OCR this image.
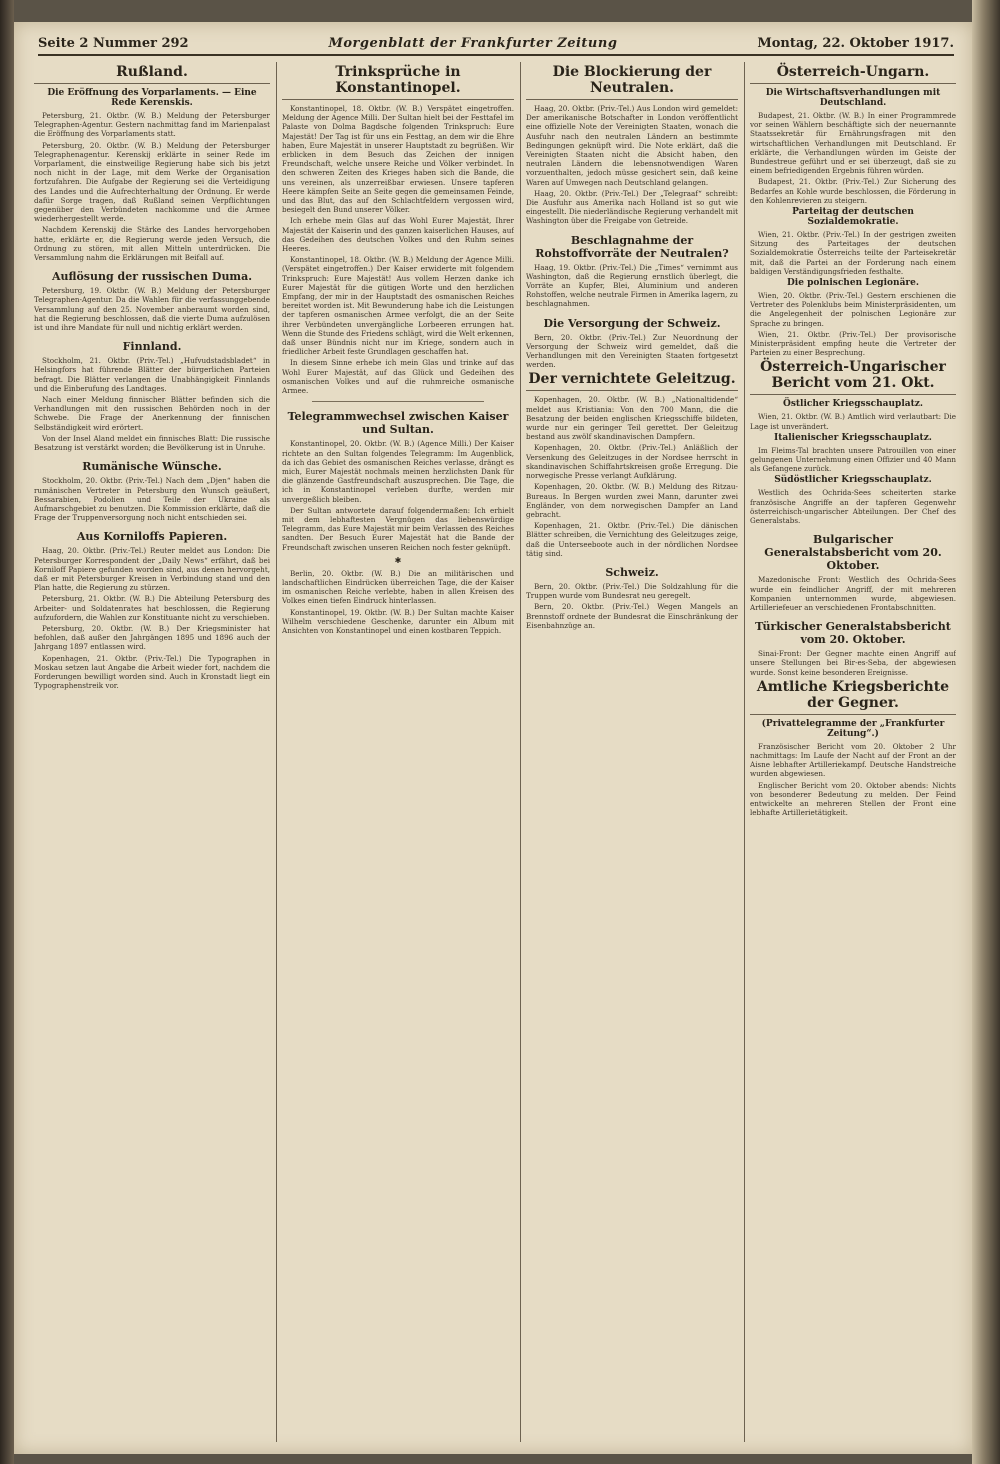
Seite 2 Nummer 292	Morgenblatt der Frankfurter Zeitung	Montag, 22. Oktober 1917.
Rußland.
Die Eröffnung des Vorparlaments. — Eine Rede Kerenskis.

Petersburg, 21. Oktbr. (W. B.) Meldung der Petersburger Telegraphen-Agentur. Gestern nachmittag fand im Marienpalast die Eröffnung des Vorparlaments statt.

Petersburg, 20. Oktbr. (W. B.) Meldung der Petersburger Telegraphenagentur. Kerenskij erklärte in seiner Rede im Vorparlament, die einstweilige Regierung habe sich bis jetzt noch nicht in der Lage, mit dem Werke der Organisation fortzufahren. Die Aufgabe der Regierung sei die Verteidigung des Landes und die Aufrechterhaltung der Ordnung. Er werde dafür Sorge tragen, daß Rußland seinen Verpflichtungen gegenüber den Verbündeten nachkomme und die Armee wiederhergestellt werde.

Nachdem Kerenskij die Stärke des Landes hervorgehoben hatte, erklärte er, die Regierung werde jeden Versuch, die Ordnung zu stören, mit allen Mitteln unterdrücken. Die Versammlung nahm die Erklärungen mit Beifall auf.

Auflösung der russischen Duma.

Petersburg, 19. Oktbr. (W. B.) Meldung der Petersburger Telegraphen-Agentur. Da die Wahlen für die verfassunggebende Versammlung auf den 25. November anberaumt worden sind, hat die Regierung beschlossen, daß die vierte Duma aufzulösen ist und ihre Mandate für null und nichtig erklärt werden.

Finnland.

Stockholm, 21. Oktbr. (Priv.-Tel.) „Hufvudstadsbladet“ in Helsingfors hat führende Blätter der bürgerlichen Parteien befragt. Die Blätter verlangen die Unabhängigkeit Finnlands und die Einberufung des Landtages.

Nach einer Meldung finnischer Blätter befinden sich die Verhandlungen mit den russischen Behörden noch in der Schwebe. Die Frage der Anerkennung der finnischen Selbständigkeit wird erörtert.

Von der Insel Aland meldet ein finnisches Blatt: Die russische Besatzung ist verstärkt worden; die Bevölkerung ist in Unruhe.

Rumänische Wünsche.

Stockholm, 20. Oktbr. (Priv.-Tel.) Nach dem „Djen“ haben die rumänischen Vertreter in Petersburg den Wunsch geäußert, Bessarabien, Podolien und Teile der Ukraine als Aufmarschgebiet zu benutzen. Die Kommission erklärte, daß die Frage der Truppenversorgung noch nicht entschieden sei.

Aus Korniloffs Papieren.

Haag, 20. Oktbr. (Priv.-Tel.) Reuter meldet aus London: Die Petersburger Korrespondent der „Daily News“ erfährt, daß bei Korniloff Papiere gefunden worden sind, aus denen hervorgeht, daß er mit Petersburger Kreisen in Verbindung stand und den Plan hatte, die Regierung zu stürzen.

Petersburg, 21. Oktbr. (W. B.) Die Abteilung Petersburg des Arbeiter- und Soldatenrates hat beschlossen, die Regierung aufzufordern, die Wahlen zur Konstituante nicht zu verschieben.

Petersburg, 20. Oktbr. (W. B.) Der Kriegsminister hat befohlen, daß außer den Jahrgängen 1895 und 1896 auch der Jahrgang 1897 entlassen wird.

Kopenhagen, 21. Oktbr. (Priv.-Tel.) Die Typographen in Moskau setzen laut Angabe die Arbeit wieder fort, nachdem die Forderungen bewilligt worden sind. Auch in Kronstadt liegt ein Typographenstreik vor.

Trinksprüche in Konstantinopel.

Konstantinopel, 18. Oktbr. (W. B.) Verspätet eingetroffen. Meldung der Agence Milli. Der Sultan hielt bei der Festtafel im Palaste von Dolma Bagdsche folgenden Trinkspruch: Eure Majestät! Der Tag ist für uns ein Festtag, an dem wir die Ehre haben, Eure Majestät in unserer Hauptstadt zu begrüßen. Wir erblicken in dem Besuch das Zeichen der innigen Freundschaft, welche unsere Reiche und Völker verbindet. In den schweren Zeiten des Krieges haben sich die Bande, die uns vereinen, als unzerreißbar erwiesen. Unsere tapferen Heere kämpfen Seite an Seite gegen die gemeinsamen Feinde, und das Blut, das auf den Schlachtfeldern vergossen wird, besiegelt den Bund unserer Völker.

Ich erhebe mein Glas auf das Wohl Eurer Majestät, Ihrer Majestät der Kaiserin und des ganzen kaiserlichen Hauses, auf das Gedeihen des deutschen Volkes und den Ruhm seines Heeres.

Konstantinopel, 18. Oktbr. (W. B.) Meldung der Agence Milli. (Verspätet eingetroffen.) Der Kaiser erwiderte mit folgendem Trinkspruch: Eure Majestät! Aus vollem Herzen danke ich Eurer Majestät für die gütigen Worte und den herzlichen Empfang, der mir in der Hauptstadt des osmanischen Reiches bereitet worden ist. Mit Bewunderung habe ich die Leistungen der tapferen osmanischen Armee verfolgt, die an der Seite ihrer Verbündeten unvergängliche Lorbeeren errungen hat. Wenn die Stunde des Friedens schlägt, wird die Welt erkennen, daß unser Bündnis nicht nur im Kriege, sondern auch in friedlicher Arbeit feste Grundlagen geschaffen hat.

In diesem Sinne erhebe ich mein Glas und trinke auf das Wohl Eurer Majestät, auf das Glück und Gedeihen des osmanischen Volkes und auf die ruhmreiche osmanische Armee.

Telegrammwechsel zwischen Kaiser und Sultan.

Konstantinopel, 20. Oktbr. (W. B.) (Agence Milli.) Der Kaiser richtete an den Sultan folgendes Telegramm: Im Augenblick, da ich das Gebiet des osmanischen Reiches verlasse, drängt es mich, Eurer Majestät nochmals meinen herzlichsten Dank für die glänzende Gastfreundschaft auszusprechen. Die Tage, die ich in Konstantinopel verleben durfte, werden mir unvergeßlich bleiben.

Der Sultan antwortete darauf folgendermaßen: Ich erhielt mit dem lebhaftesten Vergnügen das liebenswürdige Telegramm, das Eure Majestät mir beim Verlassen des Reiches sandten. Der Besuch Eurer Majestät hat die Bande der Freundschaft zwischen unseren Reichen noch fester geknüpft.

✱

Berlin, 20. Oktbr. (W. B.) Die an militärischen und landschaftlichen Eindrücken überreichen Tage, die der Kaiser im osmanischen Reiche verlebte, haben in allen Kreisen des Volkes einen tiefen Eindruck hinterlassen.

Konstantinopel, 19. Oktbr. (W. B.) Der Sultan machte Kaiser Wilhelm verschiedene Geschenke, darunter ein Album mit Ansichten von Konstantinopel und einen kostbaren Teppich.

Die Blockierung der Neutralen.

Haag, 20. Oktbr. (Priv.-Tel.) Aus London wird gemeldet: Der amerikanische Botschafter in London veröffentlicht eine offizielle Note der Vereinigten Staaten, wonach die Ausfuhr nach den neutralen Ländern an bestimmte Bedingungen geknüpft wird. Die Note erklärt, daß die Vereinigten Staaten nicht die Absicht haben, den neutralen Ländern die lebensnotwendigen Waren vorzuenthalten, jedoch müsse gesichert sein, daß keine Waren auf Umwegen nach Deutschland gelangen.

Haag, 20. Oktbr. (Priv.-Tel.) Der „Telegraaf“ schreibt: Die Ausfuhr aus Amerika nach Holland ist so gut wie eingestellt. Die niederländische Regierung verhandelt mit Washington über die Freigabe von Getreide.

Beschlagnahme der Rohstoffvorräte der Neutralen?

Haag, 19. Oktbr. (Priv.-Tel.) Die „Times“ vernimmt aus Washington, daß die Regierung ernstlich überlegt, die Vorräte an Kupfer, Blei, Aluminium und anderen Rohstoffen, welche neutrale Firmen in Amerika lagern, zu beschlagnahmen.

Die Versorgung der Schweiz.

Bern, 20. Oktbr. (Priv.-Tel.) Zur Neuordnung der Versorgung der Schweiz wird gemeldet, daß die Verhandlungen mit den Vereinigten Staaten fortgesetzt werden.

Der vernichtete Geleitzug.

Kopenhagen, 20. Oktbr. (W. B.) „Nationaltidende“ meldet aus Kristiania: Von den 700 Mann, die die Besatzung der beiden englischen Kriegsschiffe bildeten, wurde nur ein geringer Teil gerettet. Der Geleitzug bestand aus zwölf skandinavischen Dampfern.

Kopenhagen, 20. Oktbr. (Priv.-Tel.) Anläßlich der Versenkung des Geleitzuges in der Nordsee herrscht in skandinavischen Schiffahrtskreisen große Erregung. Die norwegische Presse verlangt Aufklärung.

Kopenhagen, 20. Oktbr. (W. B.) Meldung des Ritzau-Bureaus. In Bergen wurden zwei Mann, darunter zwei Engländer, von dem norwegischen Dampfer an Land gebracht.

Kopenhagen, 21. Oktbr. (Priv.-Tel.) Die dänischen Blätter schreiben, die Vernichtung des Geleitzuges zeige, daß die Unterseeboote auch in der nördlichen Nordsee tätig sind.

Schweiz.

Bern, 20. Oktbr. (Priv.-Tel.) Die Soldzahlung für die Truppen wurde vom Bundesrat neu geregelt.

Bern, 20. Oktbr. (Priv.-Tel.) Wegen Mangels an Brennstoff ordnete der Bundesrat die Einschränkung der Eisenbahnzüge an.

Österreich-Ungarn.
Die Wirtschaftsverhandlungen mit Deutschland.

Budapest, 21. Oktbr. (W. B.) In einer Programmrede vor seinen Wählern beschäftigte sich der neuernannte Staatssekretär für Ernährungsfragen mit den wirtschaftlichen Verhandlungen mit Deutschland. Er erklärte, die Verhandlungen würden im Geiste der Bundestreue geführt und er sei überzeugt, daß sie zu einem befriedigenden Ergebnis führen würden.

Budapest, 21. Oktbr. (Priv.-Tel.) Zur Sicherung des Bedarfes an Kohle wurde beschlossen, die Förderung in den Kohlenrevieren zu steigern.

Parteitag der deutschen Sozialdemokratie.

Wien, 21. Oktbr. (Priv.-Tel.) In der gestrigen zweiten Sitzung des Parteitages der deutschen Sozialdemokratie Österreichs teilte der Parteisekretär mit, daß die Partei an der Forderung nach einem baldigen Verständigungsfrieden festhalte.

Die polnischen Legionäre.

Wien, 20. Oktbr. (Priv.-Tel.) Gestern erschienen die Vertreter des Polenklubs beim Ministerpräsidenten, um die Angelegenheit der polnischen Legionäre zur Sprache zu bringen.

Wien, 21. Oktbr. (Priv.-Tel.) Der provisorische Ministerpräsident empfing heute die Vertreter der Parteien zu einer Besprechung.

Österreich-Ungarischer Bericht vom 21. Okt.
Östlicher Kriegsschauplatz.

Wien, 21. Oktbr. (W. B.) Amtlich wird verlautbart: Die Lage ist unverändert.

Italienischer Kriegsschauplatz.

Im Fleims-Tal brachten unsere Patrouillen von einer gelungenen Unternehmung einen Offizier und 40 Mann als Gefangene zurück.

Südöstlicher Kriegsschauplatz.

Westlich des Ochrida-Sees scheiterten starke französische Angriffe an der tapferen Gegenwehr österreichisch-ungarischer Abteilungen. Der Chef des Generalstabs.

Bulgarischer Generalstabsbericht vom 20. Oktober.

Mazedonische Front: Westlich des Ochrida-Sees wurde ein feindlicher Angriff, der mit mehreren Kompanien unternommen wurde, abgewiesen. Artilleriefeuer an verschiedenen Frontabschnitten.

Türkischer Generalstabsbericht vom 20. Oktober.

Sinai-Front: Der Gegner machte einen Angriff auf unsere Stellungen bei Bir-es-Seba, der abgewiesen wurde. Sonst keine besonderen Ereignisse.

Amtliche Kriegsberichte der Gegner.
(Privattelegramme der „Frankfurter Zeitung“.)

Französischer Bericht vom 20. Oktober 2 Uhr nachmittags: Im Laufe der Nacht auf der Front an der Aisne lebhafter Artilleriekampf. Deutsche Handstreiche wurden abgewiesen.

Englischer Bericht vom 20. Oktober abends: Nichts von besonderer Bedeutung zu melden. Der Feind entwickelte an mehreren Stellen der Front eine lebhafte Artillerietätigkeit.
